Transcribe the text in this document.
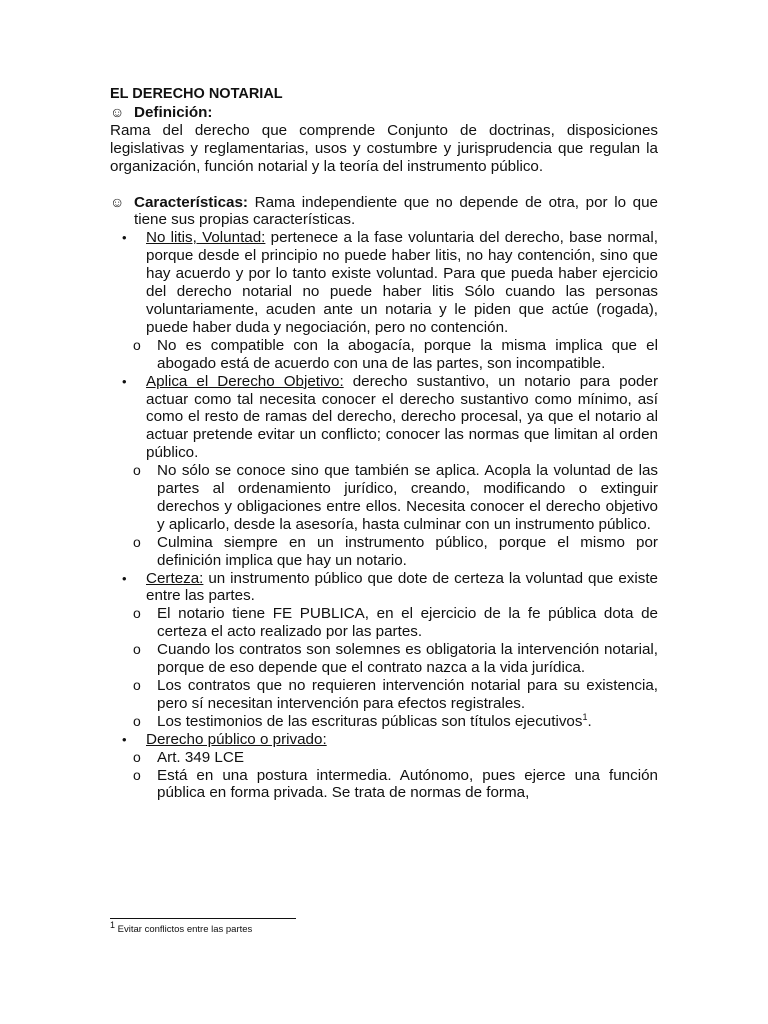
EL DERECHO NOTARIAL

☺ Definición:

Rama del derecho que comprende Conjunto de doctrinas, disposiciones legislativas y reglamentarias, usos y costumbre y jurisprudencia que regulan la organización, función notarial y la teoría del instrumento público.

☺ Características: Rama independiente que no depende de otra, por lo que tiene sus propias características.

•	No litis, Voluntad: pertenece a la fase voluntaria del derecho, base normal, porque desde el principio no puede haber litis, no hay contención, sino que hay acuerdo y por lo tanto existe voluntad. Para que pueda haber ejercicio del derecho notarial no puede haber litis Sólo cuando las personas voluntariamente, acuden ante un notaria y le piden que actúe (rogada), puede haber duda y negociación, pero no contención.

o	No es compatible con la abogacía, porque la misma implica que el abogado está de acuerdo con una de las partes, son incompatible.

•	Aplica el Derecho Objetivo: derecho sustantivo, un notario para poder actuar como tal necesita conocer el derecho sustantivo como mínimo, así como el resto de ramas del derecho, derecho procesal, ya que el notario al actuar pretende evitar un conflicto; conocer las normas que limitan al orden público.

o	No sólo se conoce sino que también se aplica. Acopla la voluntad de las partes al ordenamiento jurídico, creando, modificando o extinguir derechos y obligaciones entre ellos. Necesita conocer el derecho objetivo y aplicarlo, desde la asesoría, hasta culminar con un instrumento público.

o	Culmina siempre en un instrumento público, porque el mismo por definición implica que hay un notario.

•	Certeza: un instrumento público que dote de certeza la voluntad que existe entre las partes.

o	El notario tiene FE PUBLICA, en el ejercicio de la fe pública dota de certeza el acto realizado por las partes.

o	Cuando los contratos son solemnes es obligatoria la intervención notarial, porque de eso depende que el contrato nazca a la vida jurídica.

o	Los contratos que no requieren intervención notarial para su existencia, pero sí necesitan intervención para efectos registrales.

o	Los testimonios de las escrituras públicas son títulos ejecutivos$^1$.

•	Derecho público o privado:

o	Art. 349 LCE

o	Está en una postura intermedia. Autónomo, pues ejerce una función pública en forma privada. Se trata de normas de forma,

$^1$ Evitar conflictos entre las partes
